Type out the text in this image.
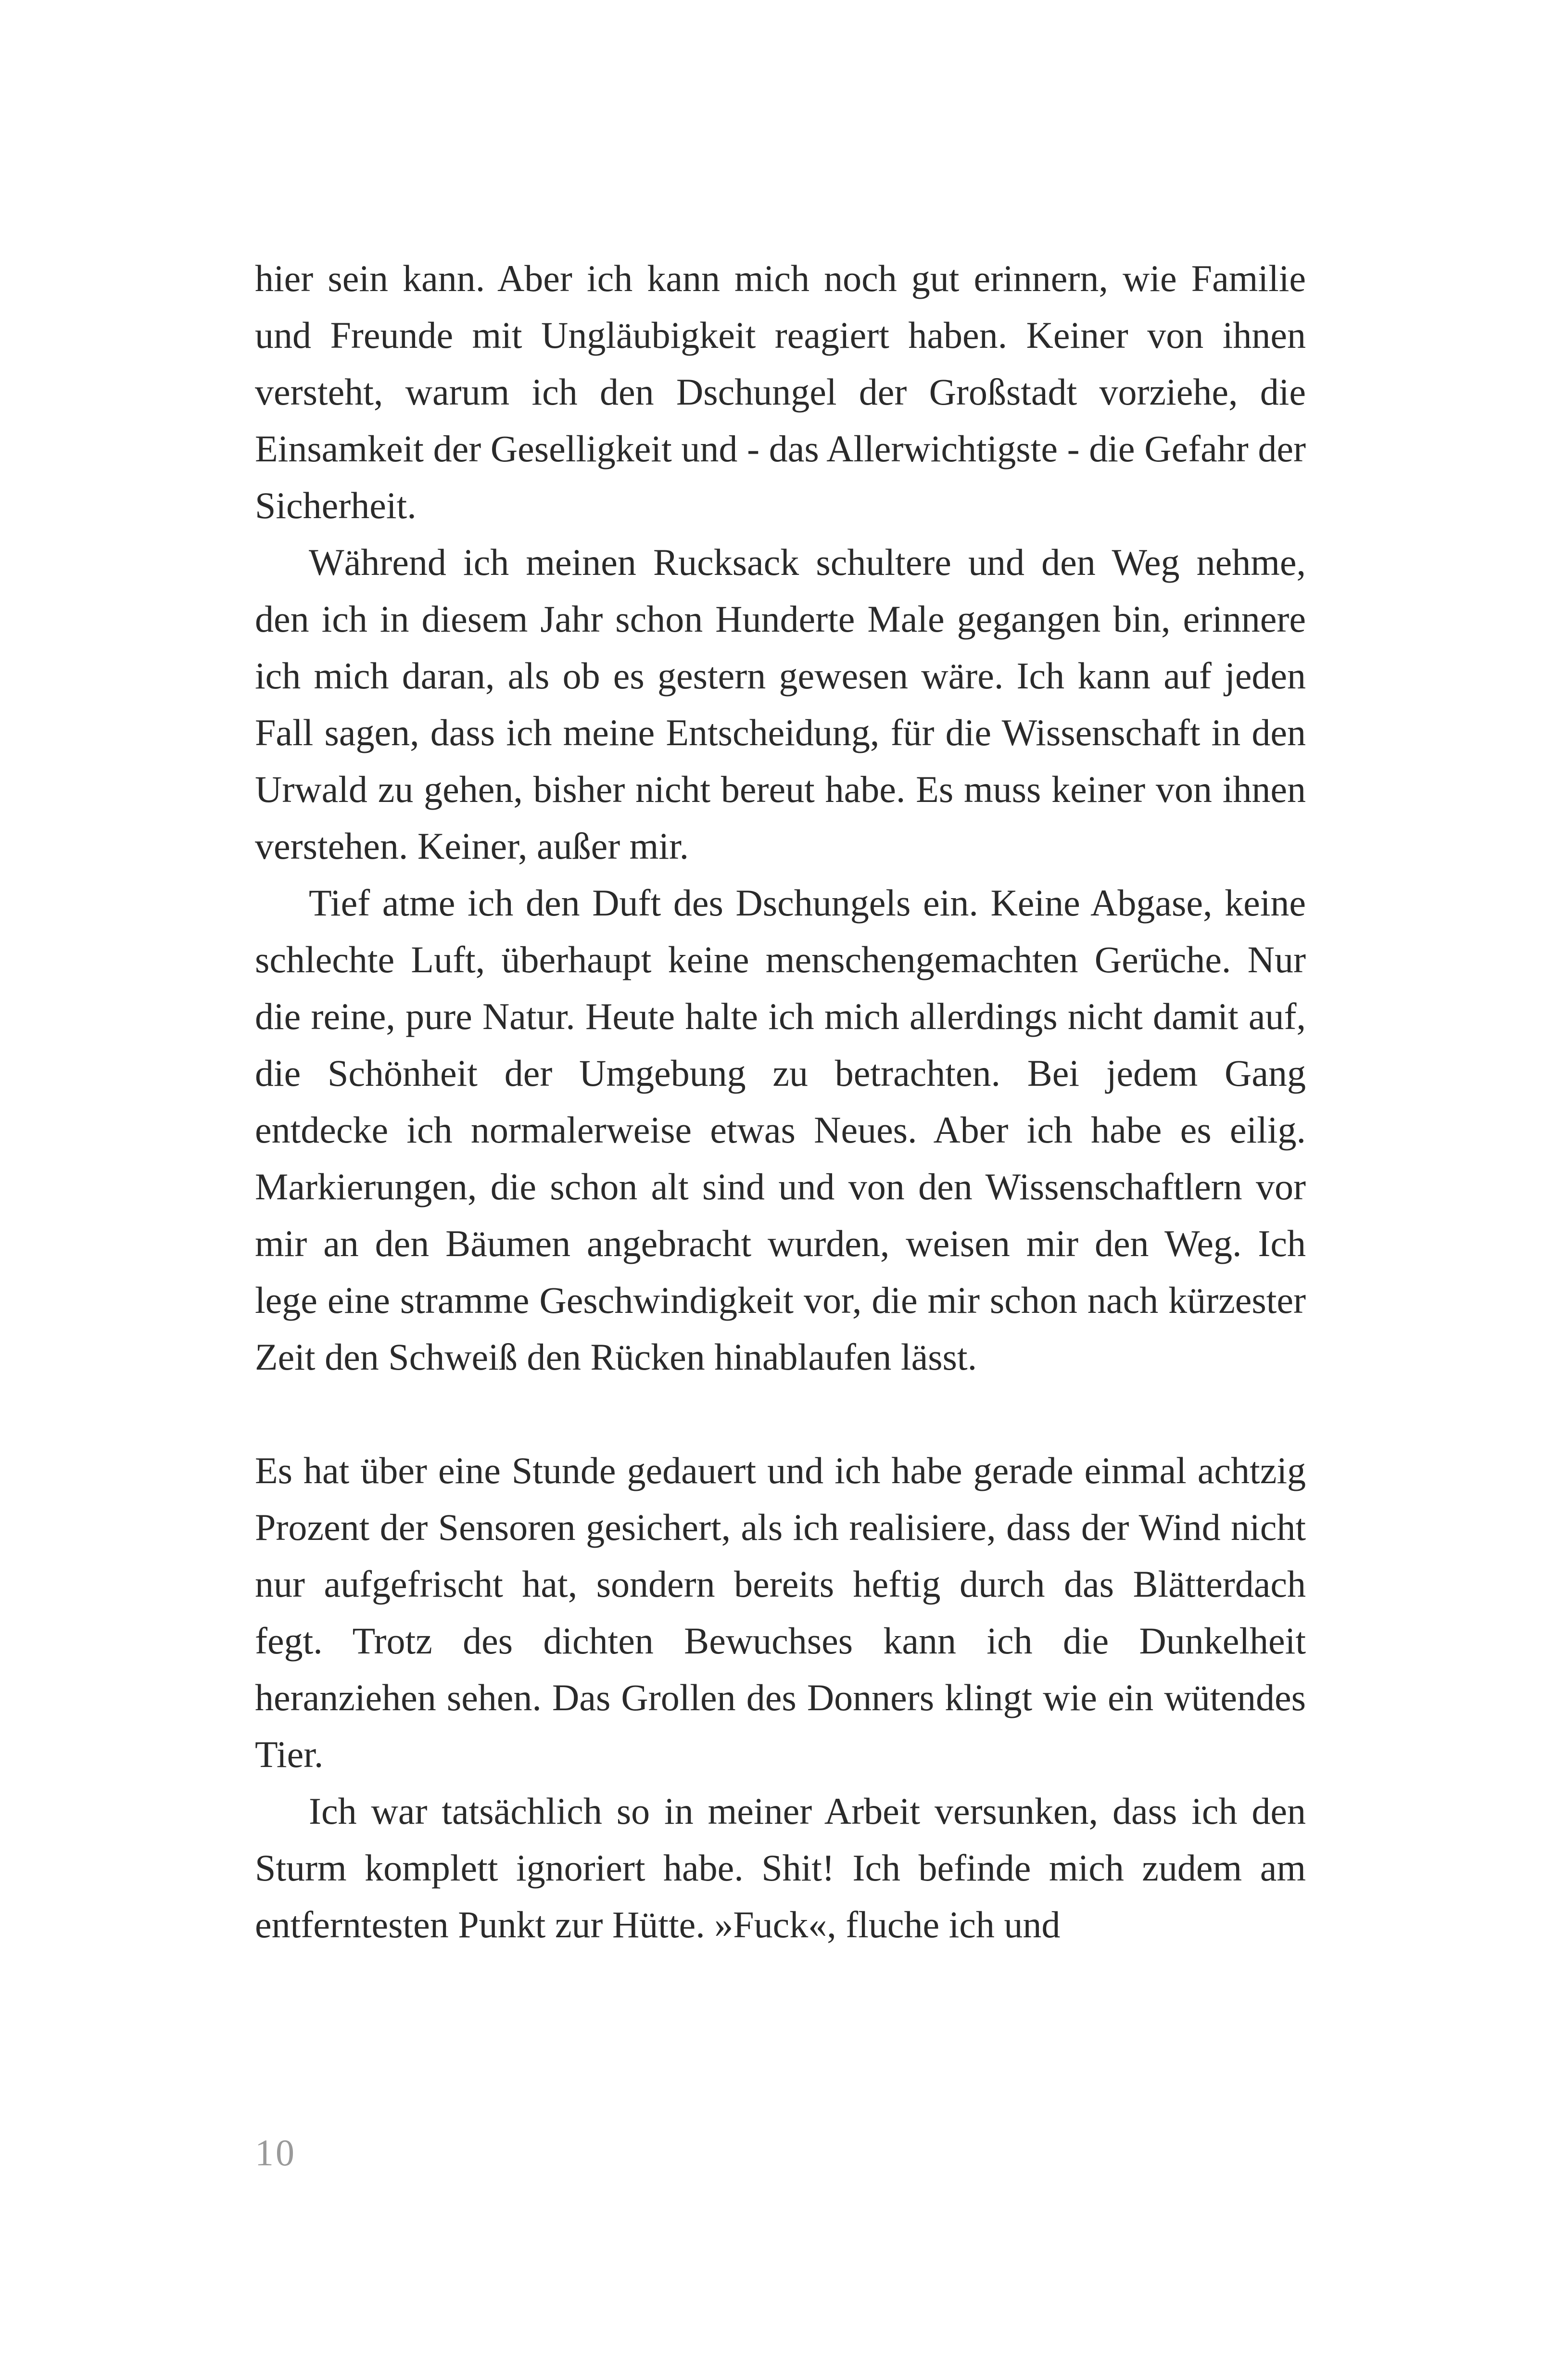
hier sein kann. Aber ich kann mich noch gut erinnern, wie Familie und Freunde mit Ungläubigkeit reagiert haben. Keiner von ihnen versteht, warum ich den Dschungel der Großstadt vorziehe, die Einsamkeit der Geselligkeit und - das Allerwichtigste - die Gefahr der Sicherheit.

Während ich meinen Rucksack schultere und den Weg nehme, den ich in diesem Jahr schon Hunderte Male gegangen bin, erinnere ich mich daran, als ob es gestern gewesen wäre. Ich kann auf jeden Fall sagen, dass ich meine Entscheidung, für die Wissenschaft in den Urwald zu gehen, bisher nicht bereut habe. Es muss keiner von ihnen verstehen. Keiner, außer mir.

Tief atme ich den Duft des Dschungels ein. Keine Abgase, keine schlechte Luft, überhaupt keine menschengemachten Gerüche. Nur die reine, pure Natur. Heute halte ich mich allerdings nicht damit auf, die Schönheit der Umgebung zu betrachten. Bei jedem Gang entdecke ich normalerweise etwas Neues. Aber ich habe es eilig. Markierungen, die schon alt sind und von den Wissenschaftlern vor mir an den Bäumen angebracht wurden, weisen mir den Weg. Ich lege eine stramme Geschwindigkeit vor, die mir schon nach kürzester Zeit den Schweiß den Rücken hinablaufen lässt.

Es hat über eine Stunde gedauert und ich habe gerade einmal achtzig Prozent der Sensoren gesichert, als ich realisiere, dass der Wind nicht nur aufgefrischt hat, sondern bereits heftig durch das Blätterdach fegt. Trotz des dichten Bewuchses kann ich die Dunkelheit heranziehen sehen. Das Grollen des Donners klingt wie ein wütendes Tier.

Ich war tatsächlich so in meiner Arbeit versunken, dass ich den Sturm komplett ignoriert habe. Shit! Ich befinde mich zudem am entferntesten Punkt zur Hütte. »Fuck«, fluche ich und

10
